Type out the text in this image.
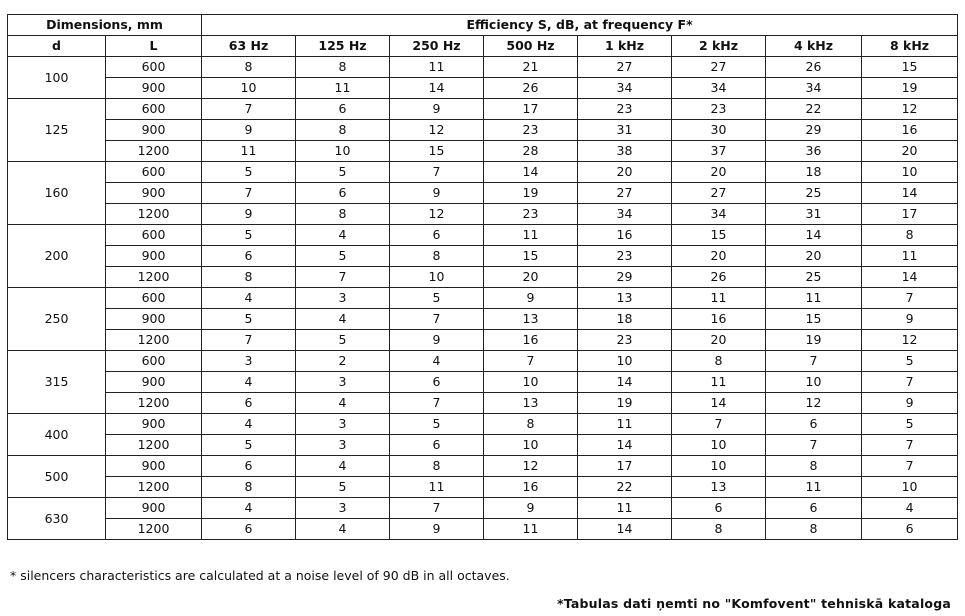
Dimensions, mm		Efficiency S, dB, at frequency F*							
d	L	63 Hz	125 Hz	250 Hz	500 Hz	1 kHz	2 kHz	4 kHz	8 kHz
100	600	8	8	11	21	27	27	26	15
	900	10	11	14	26	34	34	34	19
125	600	7	6	9	17	23	23	22	12
	900	9	8	12	23	31	30	29	16
	1200	11	10	15	28	38	37	36	20
160	600	5	5	7	14	20	20	18	10
	900	7	6	9	19	27	27	25	14
	1200	9	8	12	23	34	34	31	17
200	600	5	4	6	11	16	15	14	8
	900	6	5	8	15	23	20	20	11
	1200	8	7	10	20	29	26	25	14
250	600	4	3	5	9	13	11	11	7
	900	5	4	7	13	18	16	15	9
	1200	7	5	9	16	23	20	19	12
315	600	3	2	4	7	10	8	7	5
	900	4	3	6	10	14	11	10	7
	1200	6	4	7	13	19	14	12	9
400	900	4	3	5	8	11	7	6	5
	1200	5	3	6	10	14	10	7	7
500	900	6	4	8	12	17	10	8	7
	1200	8	5	11	16	22	13	11	10
630	900	4	3	7	9	11	6	6	4
	1200	6	4	9	11	14	8	8	6
* silencers characteristics are calculated at a noise level of 90 dB in all octaves.
*Tabulas dati ņemti no "Komfovent" tehniskā kataloga
